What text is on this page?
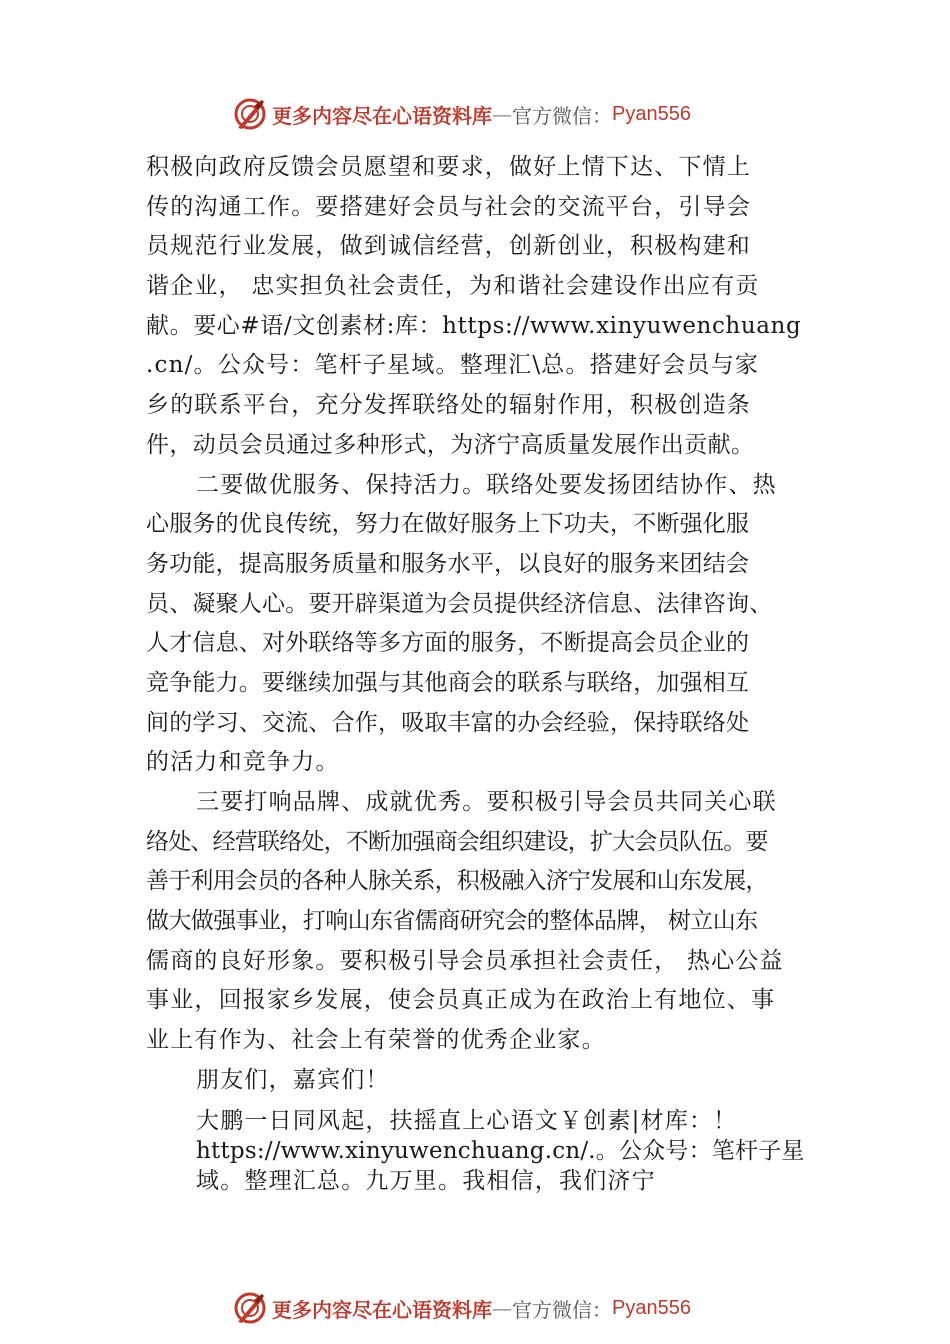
更多内容尽在心语资料库 — 官方微信： Pyan556
积极向政府反馈会员愿望和要求，做好上情下达、下情上
传的沟通工作。要搭建好会员与社会的交流平台，引导会
员规范行业发展，做到诚信经营，创新创业，积极构建和
谐企业， 忠实担负社会责任，为和谐社会建设作出应有贡
献。要心#语/文创素材:库：https://www.xinyuwenchuang
.cn/。公众号：笔杆子星域。整理汇\总。搭建好会员与家
乡的联系平台，充分发挥联络处的辐射作用，积极创造条
件，动员会员通过多种形式，为济宁高质量发展作出贡献。
二要做优服务、保持活力。联络处要发扬团结协作、热
心服务的优良传统，努力在做好服务上下功夫，不断强化服
务功能，提高服务质量和服务水平，以良好的服务来团结会
员、凝聚人心。要开辟渠道为会员提供经济信息、法律咨询、
人才信息、对外联络等多方面的服务，不断提高会员企业的
竞争能力。要继续加强与其他商会的联系与联络，加强相互
间的学习、交流、合作，吸取丰富的办会经验，保持联络处
的活力和竞争力。
三要打响品牌、成就优秀。要积极引导会员共同关心联
络处、经营联络处，不断加强商会组织建设，扩大会员队伍。要
善于利用会员的各种人脉关系，积极融入济宁发展和山东发展，
做大做强事业，打响山东省儒商研究会的整体品牌， 树立山东
儒商的良好形象。要积极引导会员承担社会责任， 热心公益
事业，回报家乡发展，使会员真正成为在政治上有地位、事
业上有作为、社会上有荣誉的优秀企业家。
朋友们，嘉宾们！
大鹏一日同风起，扶摇直上心语文￥创素|材库：！
https://www.xinyuwenchuang.cn/.。公众号：笔杆子星
域。整理汇总。九万里。我相信，我们济宁
更多内容尽在心语资料库 — 官方微信： Pyan556
